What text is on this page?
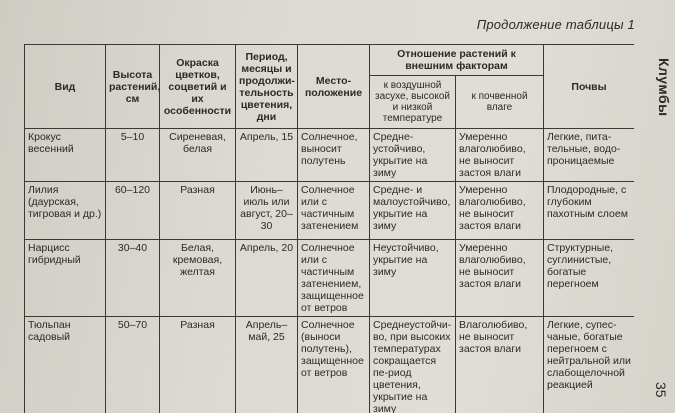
Продолжение таблицы 1
Клумбы
35
Вид	Высота растений, см	Окраска цветков, соцветий и их особенности	Период, месяцы и продолжи-тельность цветения, дни	Место-положение	Отношение растений к внешним факторам		Почвы
					к воздушной засухе, высокой и низкой температуре	к почвенной влаге	
Крокус весенний	5–10	Сиреневая, белая	Апрель, 15	Солнечное, выносит полутень	Средне-устойчиво, укрытие на зиму	Умеренно влаголюбиво, не выносит застоя влаги	Легкие, пита-тельные, водо-проницаемые
Лилия (даурская, тигровая и др.)	60–120	Разная	Июнь–июль или август, 20–30	Солнечное или с частичным затенением	Средне- и малоустойчиво, укрытие на зиму	Умеренно влаголюбиво, не выносит застоя влаги	Плодородные, с глубоким пахотным слоем
Нарцисс гибридный	30–40	Белая, кремовая, желтая	Апрель, 20	Солнечное или с частичным затенением, защищенное от ветров	Неустойчиво, укрытие на зиму	Умеренно влаголюбиво, не выносит застоя влаги	Структурные, суглинистые, богатые перегноем
Тюльпан садовый	50–70	Разная	Апрель–май, 25	Солнечное (выноси полутень), защищенное от ветров	Среднеустойчи-во, при высоких температурах сокращается пе-риод цветения, укрытие на зиму	Влаголюбиво, не выносит застоя влаги	Легкие, супес-чаные, богатые перегноем с нейтральной или слабощелочной реакцией
